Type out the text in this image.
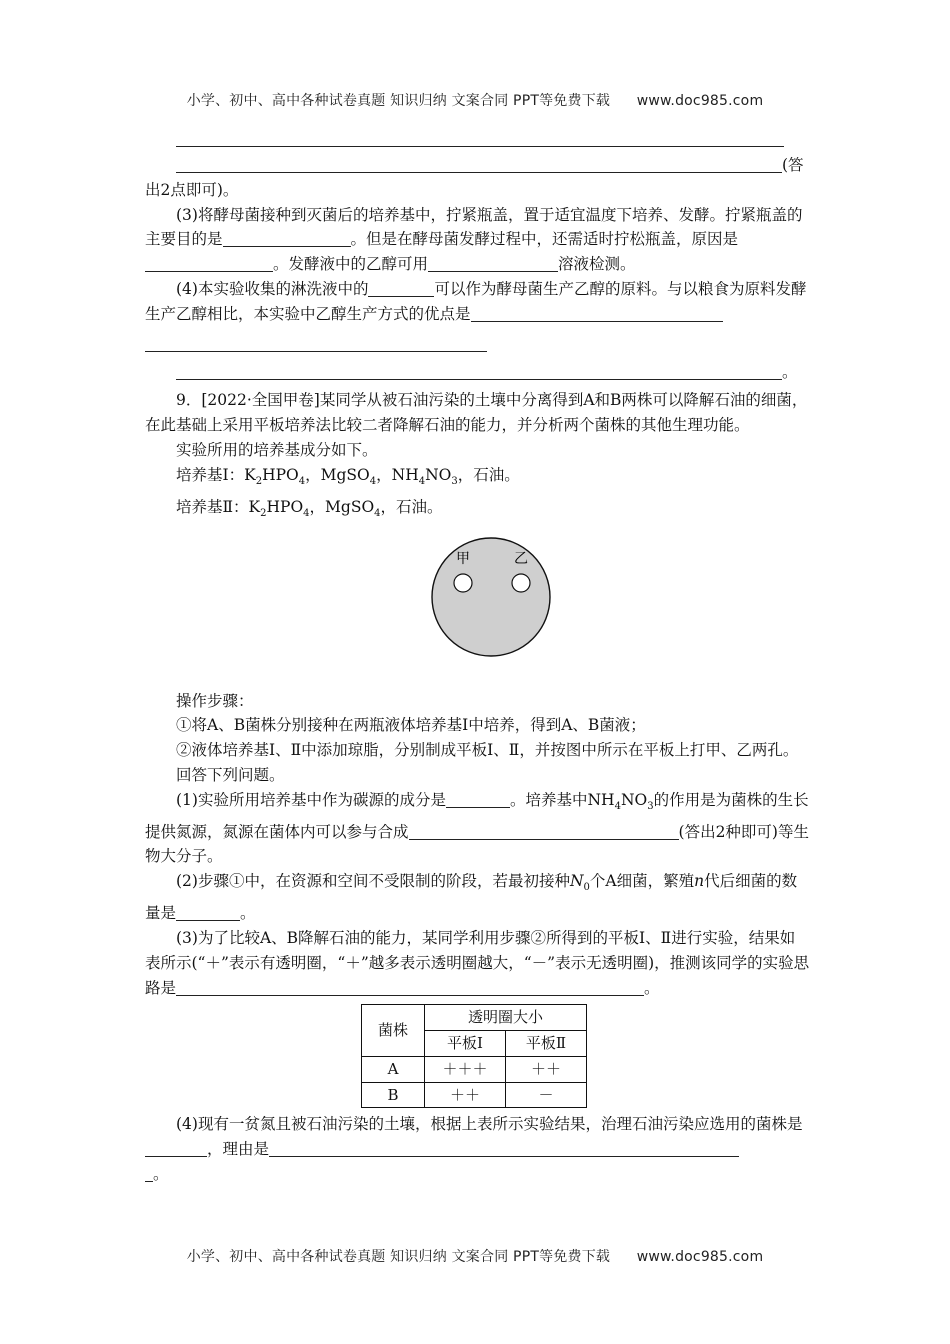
小学、初中、高中各种试卷真题 知识归纳 文案合同 PPT等免费下载 www.doc985.com
(答

出2点即可)。

(3)将酵母菌接种到灭菌后的培养基中，拧紧瓶盖，置于适宜温度下培养、发酵。拧紧瓶盖的主要目的是	。但是在酵母菌发酵过程中，还需适时拧松瓶盖，原因是。发酵液中的乙醇可用	溶液检测。

(4)本实验收集的淋洗液中的	可以作为酵母菌生产乙醇的原料。与以粮食为原料发酵生产乙醇相比，本实验中乙醇生产方式的优点是

。

9．[2022·全国甲卷]某同学从被石油污染的土壤中分离得到A和B两株可以降解石油的细菌，在此基础上采用平板培养法比较二者降解石油的能力，并分析两个菌株的其他生理功能。

实验所用的培养基成分如下。

培养基Ⅰ：$K_2HPO_4$，MgSO$_4$，$NH_4NO_3$，石油。

培养基Ⅱ：$K_2HPO_4$，MgSO$_4$，石油。

甲	乙

操作步骤：

①将A、B菌株分别接种在两瓶液体培养基Ⅰ中培养，得到A、B菌液；

②液体培养基Ⅰ、Ⅱ中添加琼脂，分别制成平板Ⅰ、Ⅱ，并按图中所示在平板上打甲、乙两孔。

回答下列问题。

(1)实验所用培养基中作为碳源的成分是	。培养基中$NH_4NO_3$的作用是为菌株的生长提供氮源，氮源在菌体内可以参与合成	(答出2种即可)等生物大分子。

(2)步骤①中，在资源和空间不受限制的阶段，若最初接种$N_0$个A细菌，繁殖n代后细菌的数量是	。

(3)为了比较A、B降解石油的能力，某同学利用步骤②所得到的平板Ⅰ、Ⅱ进行实验，结果如表所示(“＋”表示有透明圈，“＋”越多表示透明圈越大，“－”表示无透明圈)，推测该同学的实验思路是	。

菌株	透明圈大小	
	平板Ⅰ	平板Ⅱ
A	＋＋＋	＋＋
B	＋＋	－

(4)现有一贫氮且被石油污染的土壤，根据上表所示实验结果，治理石油污染应选用的菌株是，理由是

。

小学、初中、高中各种试卷真题 知识归纳 文案合同 PPT等免费下载 www.doc985.com
